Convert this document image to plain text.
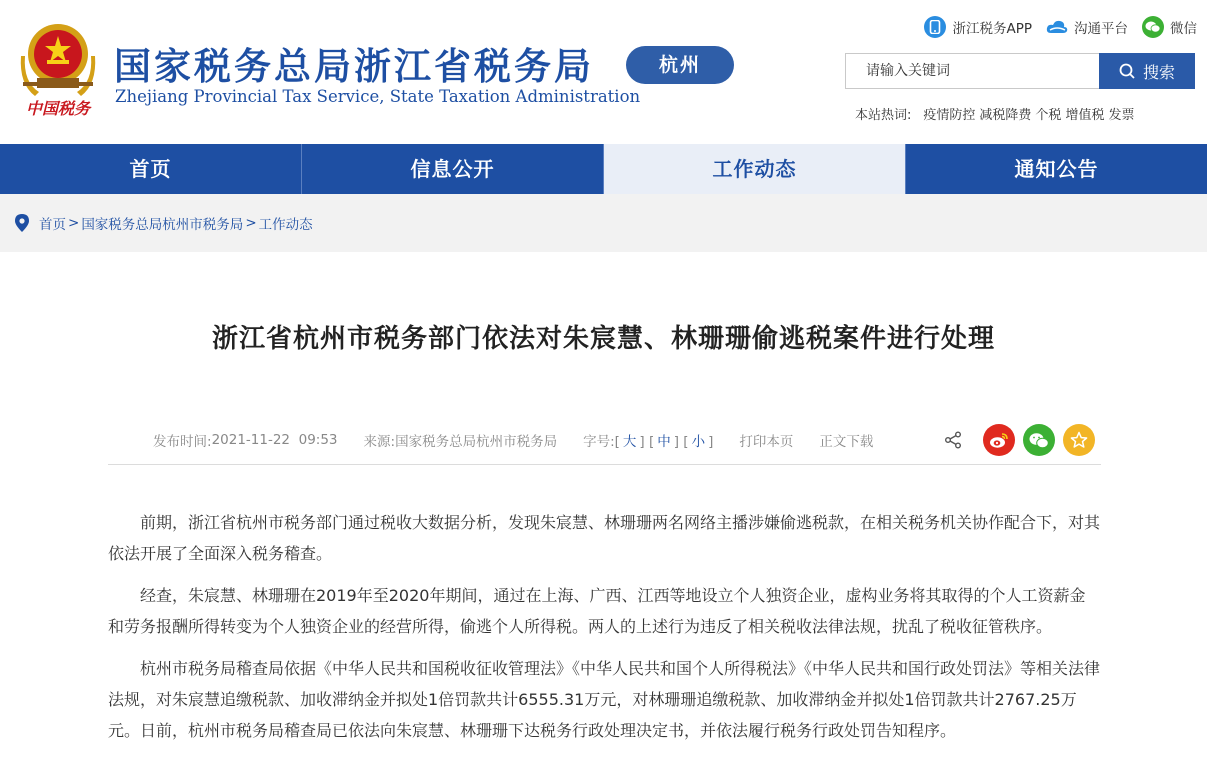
中国税务
国家税务总局浙江省税务局
Zhejiang Provincial Tax Service, State Taxation Administration
杭州
浙江税务APP	沟通平台	微信
请输入关键词	搜索
本站热词: 疫情防控 减税降费 个税 增值税 发票
首页	信息公开	工作动态	通知公告
首页 > 国家税务总局杭州市税务局 > 工作动态
浙江省杭州市税务部门依法对朱宸慧、林珊珊偷逃税案件进行处理
发布时间: 2021-11-22  09:53 来源: 国家税务总局杭州市税务局 字号: [ 大 ] [ 中 ] [ 小 ] 打印本页 正文下载

前期，浙江省杭州市税务部门通过税收大数据分析，发现朱宸慧、林珊珊两名网络主播涉嫌偷逃税款，在相关税务机关协作配合下，对其依法开展了全面深入税务稽查。

经查，朱宸慧、林珊珊在2019年至2020年期间，通过在上海、广西、江西等地设立个人独资企业，虚构业务将其取得的个人工资薪金和劳务报酬所得转变为个人独资企业的经营所得，偷逃个人所得税。两人的上述行为违反了相关税收法律法规，扰乱了税收征管秩序。

杭州市税务局稽查局依据《中华人民共和国税收征收管理法》《中华人民共和国个人所得税法》《中华人民共和国行政处罚法》等相关法律法规，对朱宸慧追缴税款、加收滞纳金并拟处1倍罚款共计6555.31万元，对林珊珊追缴税款、加收滞纳金并拟处1倍罚款共计2767.25万元。日前，杭州市税务局稽查局已依法向朱宸慧、林珊珊下达税务行政处理决定书，并依法履行税务行政处罚告知程序。
